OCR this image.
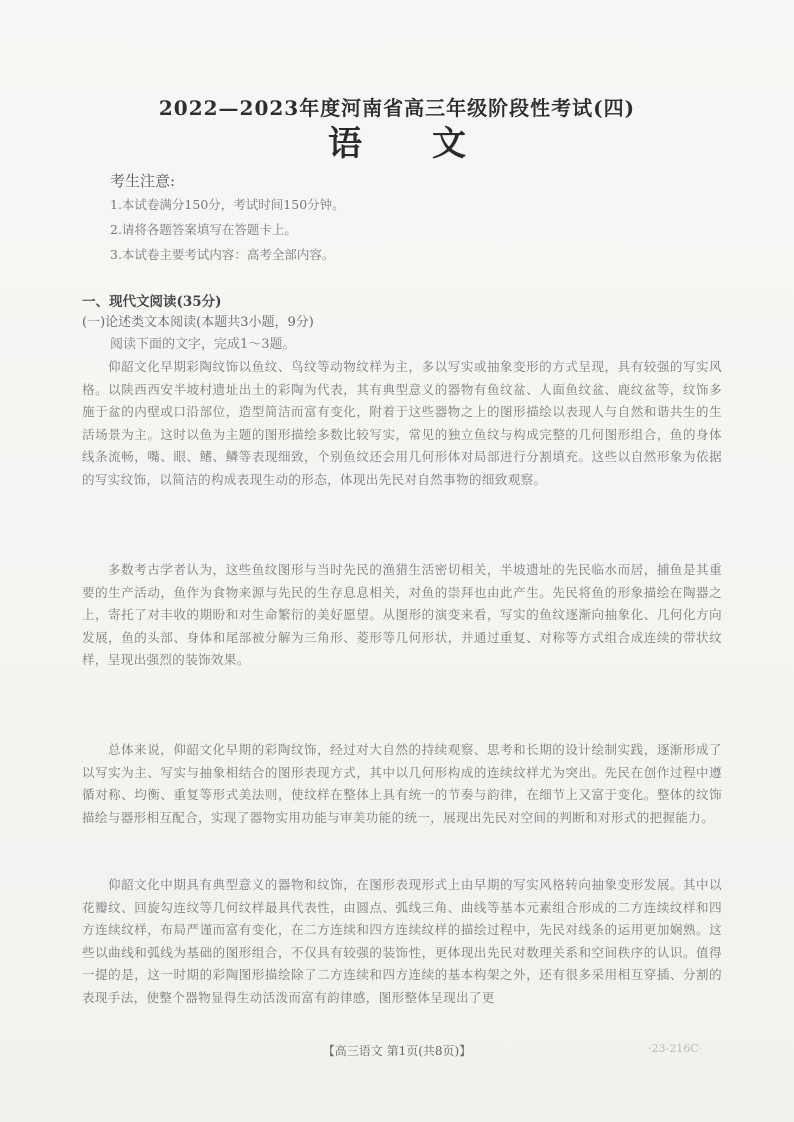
2022—2023年度河南省高三年级阶段性考试(四)
语文
考生注意:
1.本试卷满分150分，考试时间150分钟。
2.请将各题答案填写在答题卡上。
3.本试卷主要考试内容：高考全部内容。
一、现代文阅读(35分)
(一)论述类文本阅读(本题共3小题，9分)
阅读下面的文字，完成1～3题。

仰韶文化早期彩陶纹饰以鱼纹、鸟纹等动物纹样为主，多以写实或抽象变形的方式呈现，具有较强的写实风格。以陕西西安半坡村遗址出土的彩陶为代表，其有典型意义的器物有鱼纹盆、人面鱼纹盆、鹿纹盆等，纹饰多施于盆的内壁或口沿部位，造型简洁而富有变化，附着于这些器物之上的图形描绘以表现人与自然和谐共生的生活场景为主。这时以鱼为主题的图形描绘多数比较写实，常见的独立鱼纹与构成完整的几何图形组合，鱼的身体线条流畅，嘴、眼、鳍、鳞等表现细致，个别鱼纹还会用几何形体对局部进行分割填充。这些以自然形象为依据的写实纹饰，以简洁的构成表现生动的形态，体现出先民对自然事物的细致观察。

多数考古学者认为，这些鱼纹图形与当时先民的渔猎生活密切相关，半坡遗址的先民临水而居，捕鱼是其重要的生产活动，鱼作为食物来源与先民的生存息息相关，对鱼的崇拜也由此产生。先民将鱼的形象描绘在陶器之上，寄托了对丰收的期盼和对生命繁衍的美好愿望。从图形的演变来看，写实的鱼纹逐渐向抽象化、几何化方向发展，鱼的头部、身体和尾部被分解为三角形、菱形等几何形状，并通过重复、对称等方式组合成连续的带状纹样，呈现出强烈的装饰效果。

总体来说，仰韶文化早期的彩陶纹饰，经过对大自然的持续观察、思考和长期的设计绘制实践，逐渐形成了以写实为主、写实与抽象相结合的图形表现方式，其中以几何形构成的连续纹样尤为突出。先民在创作过程中遵循对称、均衡、重复等形式美法则，使纹样在整体上具有统一的节奏与韵律，在细节上又富于变化。整体的纹饰描绘与器形相互配合，实现了器物实用功能与审美功能的统一，展现出先民对空间的判断和对形式的把握能力。

仰韶文化中期具有典型意义的器物和纹饰，在图形表现形式上由早期的写实风格转向抽象变形发展。其中以花瓣纹、回旋勾连纹等几何纹样最具代表性，由圆点、弧线三角、曲线等基本元素组合形成的二方连续纹样和四方连续纹样，布局严谨而富有变化，在二方连续和四方连续纹样的描绘过程中，先民对线条的运用更加娴熟。这些以曲线和弧线为基础的图形组合，不仅具有较强的装饰性，更体现出先民对数理关系和空间秩序的认识。值得一提的是，这一时期的彩陶图形描绘除了二方连续和四方连续的基本构架之外，还有很多采用相互穿插、分割的表现手法，使整个器物显得生动活泼而富有韵律感，图形整体呈现出了更

【高三语文 第1页(共8页)】	·23-216C·
